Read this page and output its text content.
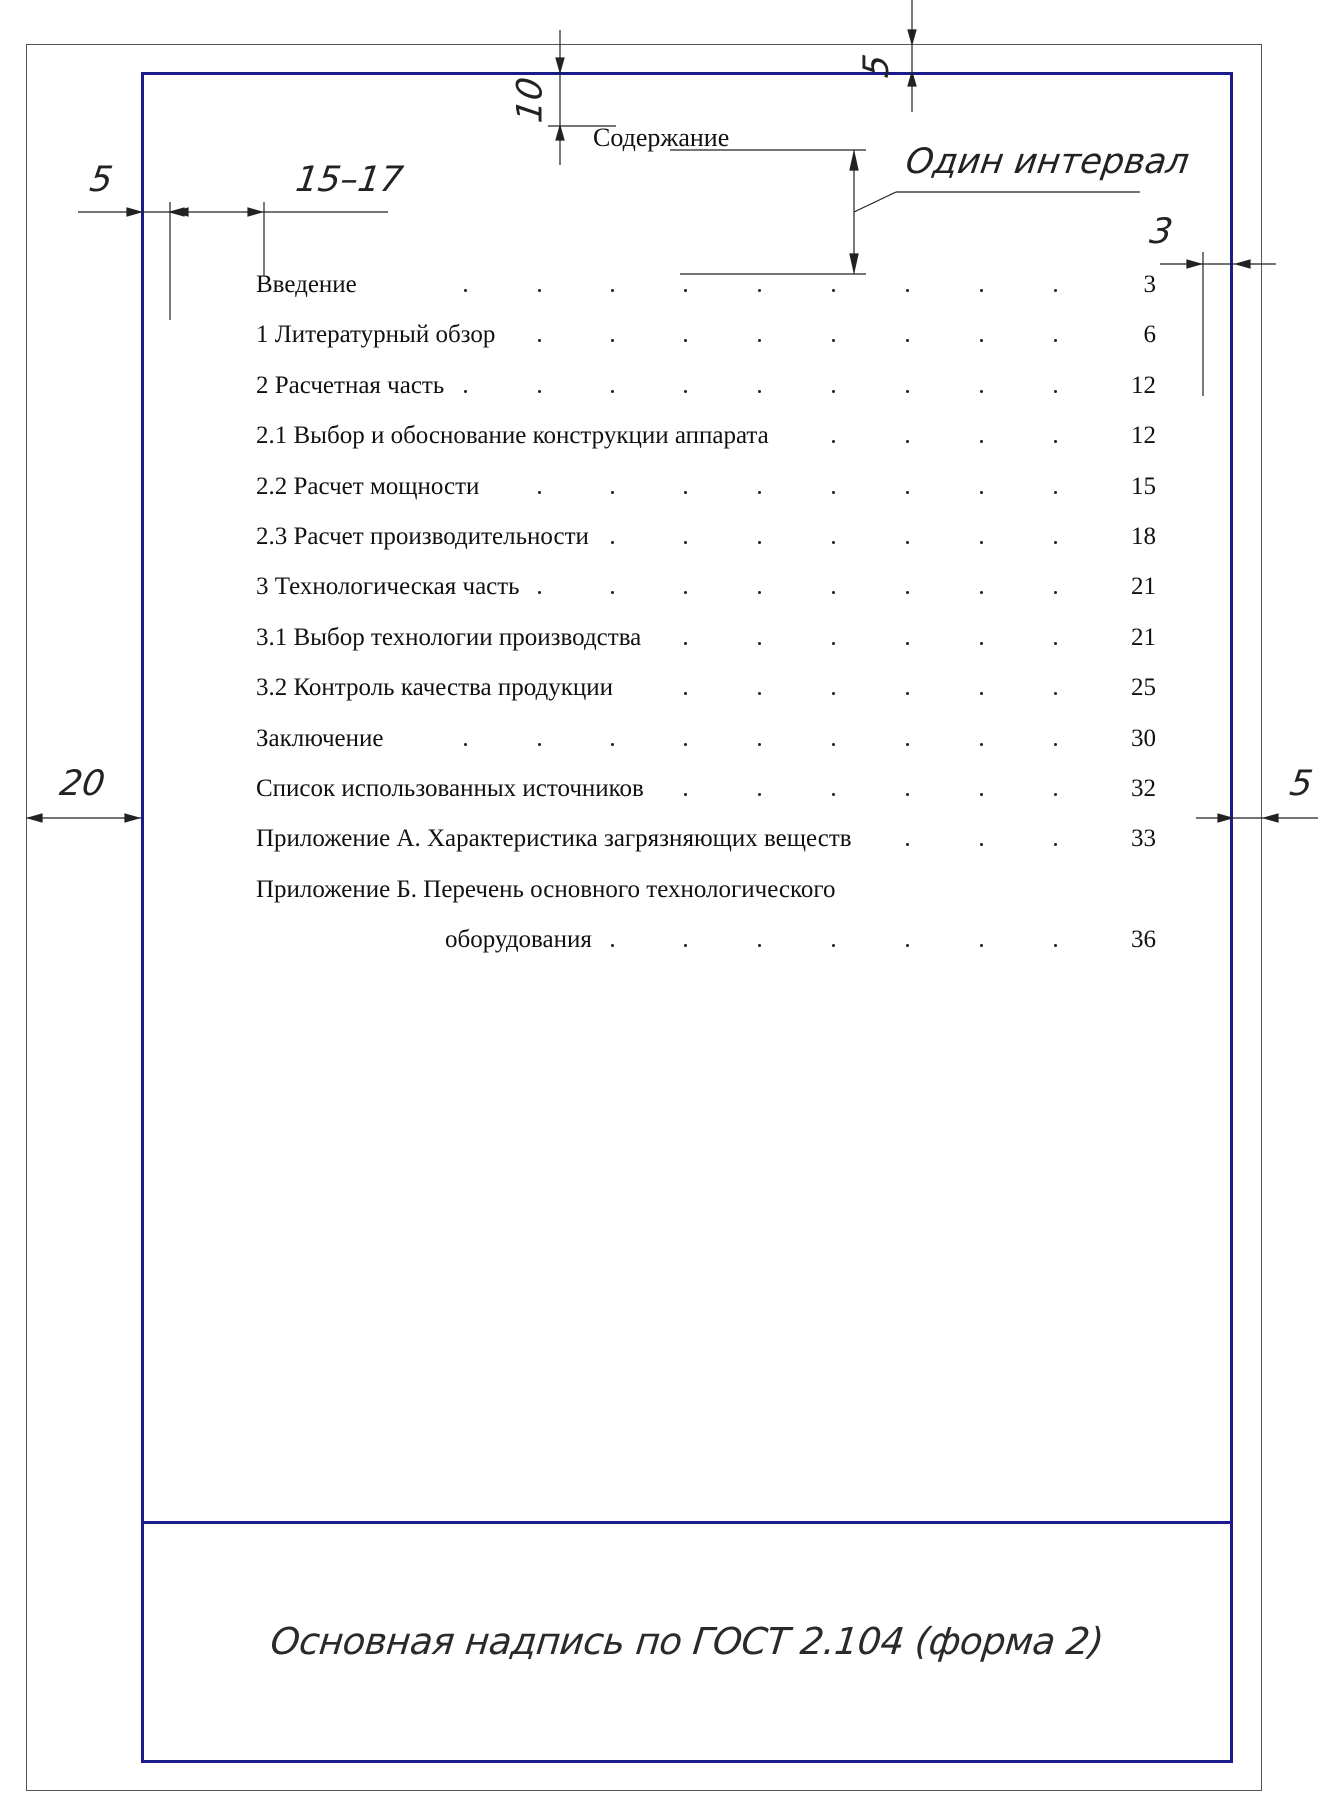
Основная надпись по ГОСТ 2.104 (форма 2)
Содержание
Введение	3
1 Литературный обзор	6
2 Расчетная часть	12
2.1 Выбор и обоснование конструкции аппарата	12
2.2 Расчет мощности	15
2.3 Расчет производительности	18
3 Технологическая часть	21
3.1 Выбор технологии производства	21
3.2 Контроль качества продукции	25
Заключение	30
Список использованных источников	32
Приложение А. Характеристика загрязняющих веществ	33
Приложение Б. Перечень основного технологического
оборудования	36
5	15–17
5
10
Один интервал
3
20	5
